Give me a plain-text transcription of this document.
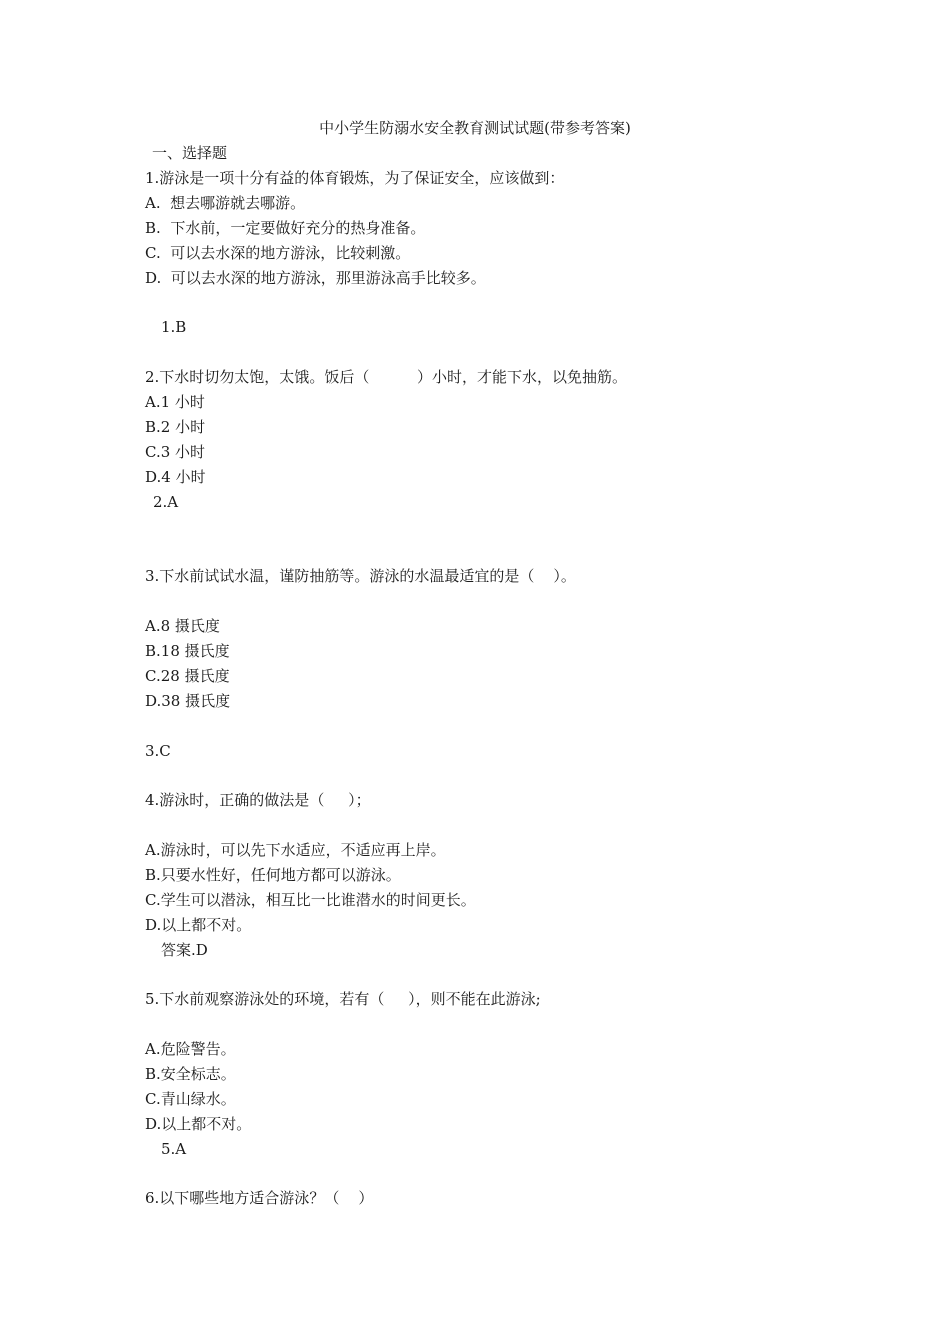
中小学生防溺水安全教育测试试题(带参考答案)
一、选择题
1.游泳是一项十分有益的体育锻炼，为了保证安全，应该做到：
A.  想去哪游就去哪游。
B.  下水前，一定要做好充分的热身准备。
C.  可以去水深的地方游泳，比较刺激。
D.  可以去水深的地方游泳，那里游泳高手比较多。
1.B
2.下水时切勿太饱，太饿。饭后（          ）小时，才能下水，以免抽筋。
A.1 小时
B.2 小时
C.3 小时
D.4 小时
2.A
3.下水前试试水温，谨防抽筋等。游泳的水温最适宜的是（    ）。
A.8 摄氏度
B.18 摄氏度
C.28 摄氏度
D.38 摄氏度
3.C
4.游泳时，正确的做法是（     ）；
A.游泳时，可以先下水适应，不适应再上岸。
B.只要水性好，任何地方都可以游泳。
C.学生可以潜泳，相互比一比谁潜水的时间更长。
D.以上都不对。
答案.D
5.下水前观察游泳处的环境，若有（     ），则不能在此游泳;
A.危险警告。
B.安全标志。
C.青山绿水。
D.以上都不对。
5.A
6.以下哪些地方适合游泳？（    ）
